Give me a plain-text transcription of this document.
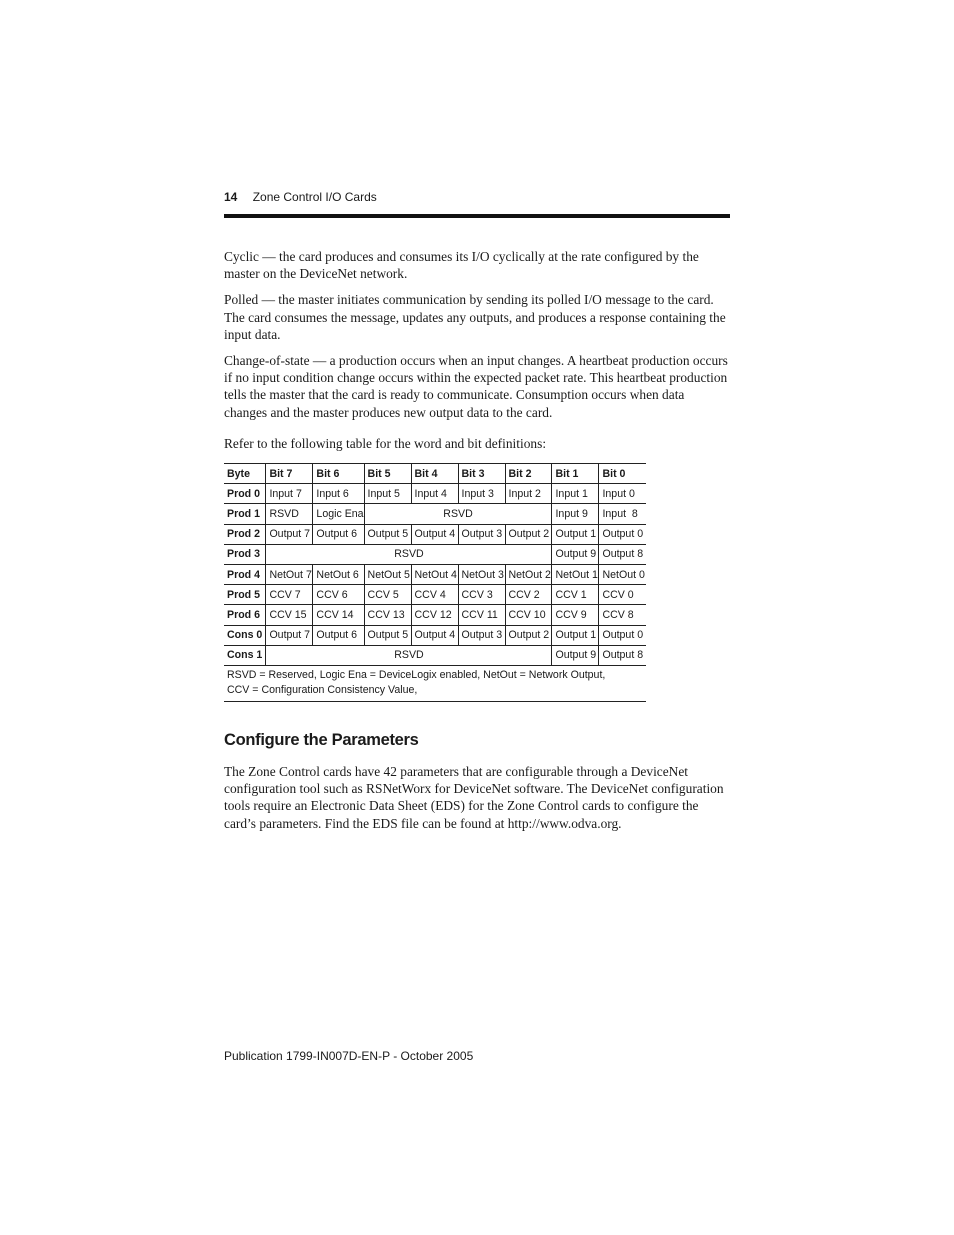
14 Zone Control I/O Cards

Cyclic — the card produces and consumes its I/O cyclically at the rate configured by the master on the DeviceNet network.

Polled — the master initiates communication by sending its polled I/O message to the card. The card consumes the message, updates any outputs, and produces a response containing the input data.

Change-of-state — a production occurs when an input changes. A heartbeat production occurs if no input condition change occurs within the expected packet rate. This heartbeat production tells the master that the card is ready to communicate. Consumption occurs when data changes and the master produces new output data to the card.

Refer to the following table for the word and bit definitions:

Byte	Bit 7	Bit 6	Bit 5	Bit 4	Bit 3	Bit 2	Bit 1	Bit 0
Prod 0	Input 7	Input 6	Input 5	Input 4	Input 3	Input 2	Input 1	Input 0
Prod 1	RSVD	Logic Ena	RSVD				Input 9	Input  8
Prod 2	Output 7	Output 6	Output 5	Output 4	Output 3	Output 2	Output 1	Output 0
Prod 3	RSVD						Output 9	Output 8
Prod 4	NetOut 7	NetOut 6	NetOut 5	NetOut 4	NetOut 3	NetOut 2	NetOut 1	NetOut 0
Prod 5	CCV 7	CCV 6	CCV 5	CCV 4	CCV 3	CCV 2	CCV 1	CCV 0
Prod 6	CCV 15	CCV 14	CCV 13	CCV 12	CCV 11	CCV 10	CCV 9	CCV 8
Cons 0	Output 7	Output 6	Output 5	Output 4	Output 3	Output 2	Output 1	Output 0
Cons 1	RSVD						Output 9	Output 8

RSVD = Reserved, Logic Ena = DeviceLogix enabled, NetOut = Network Output,
CCV = Configuration Consistency Value,								
Configure the Parameters

The Zone Control cards have 42 parameters that are configurable through a DeviceNet configuration tool such as RSNetWorx for DeviceNet software. The DeviceNet configuration tools require an Electronic Data Sheet (EDS) for the Zone Control cards to configure the card’s parameters. Find the EDS file can be found at http://www.odva.org.

Publication 1799-IN007D-EN-P - October 2005
